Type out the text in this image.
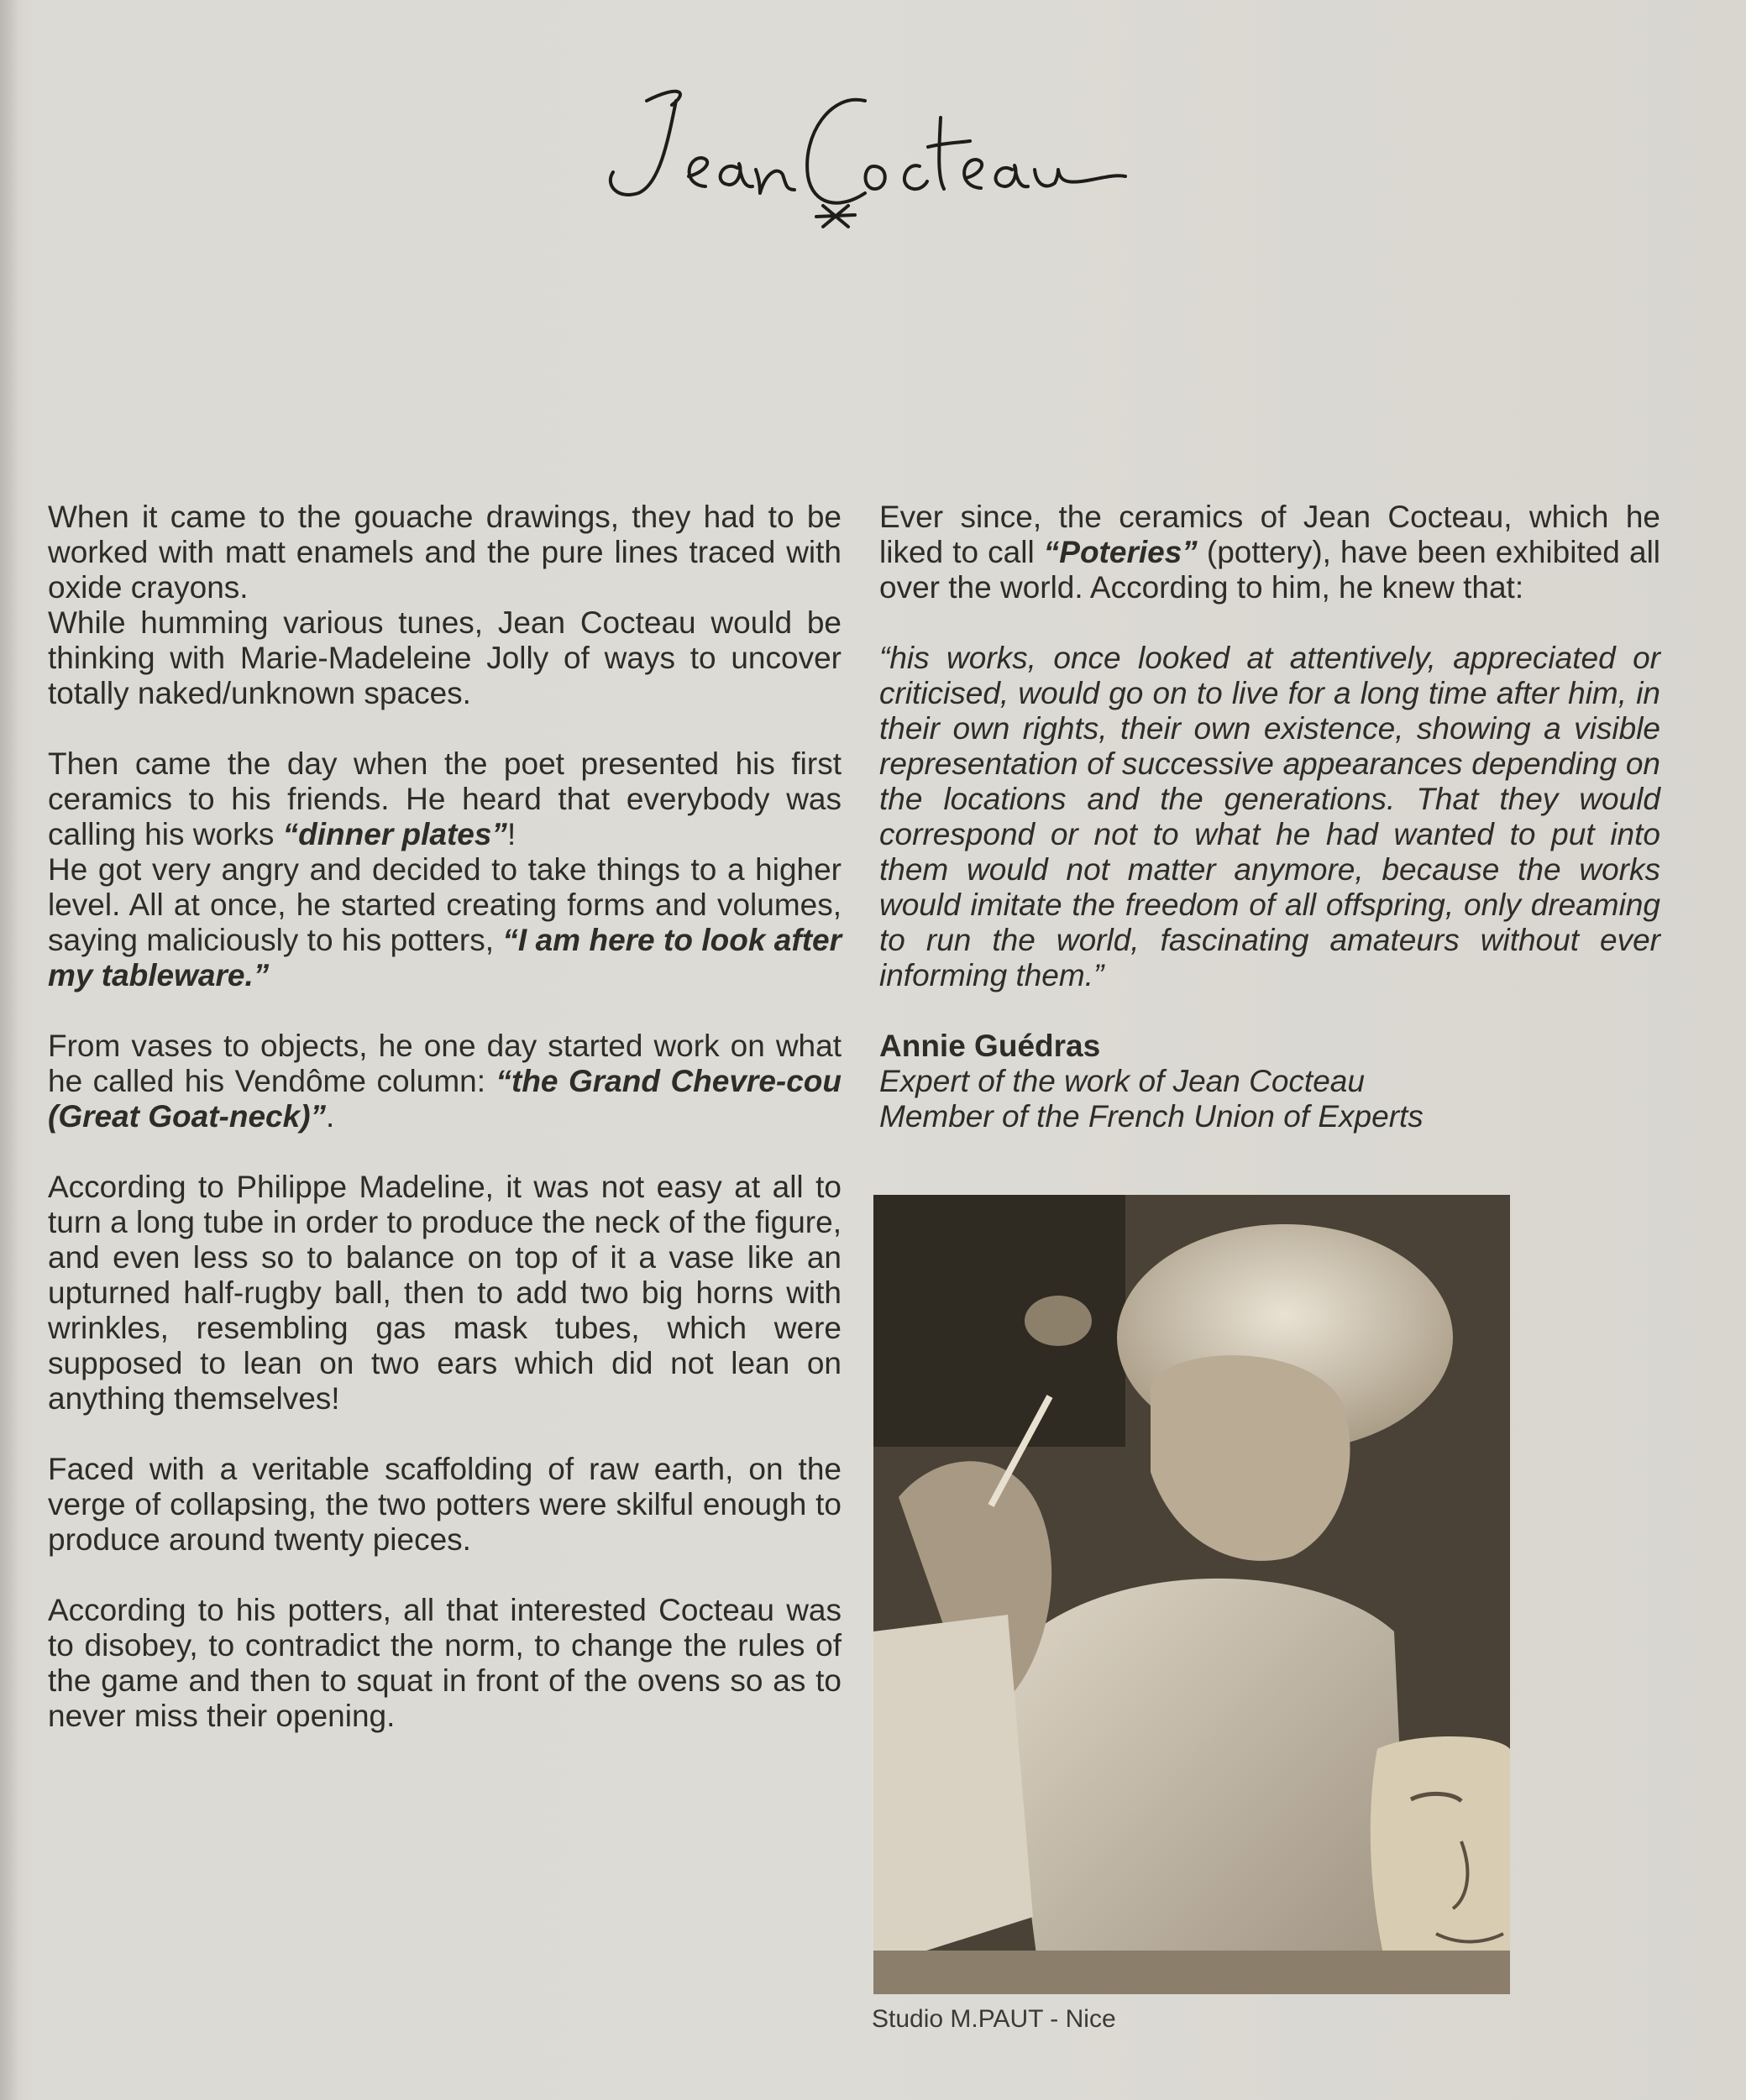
When it came to the gouache drawings, they had to be worked with matt enamels and the pure lines traced with oxide crayons.
While humming various tunes, Jean Cocteau would be thinking with Marie-Madeleine Jolly of ways to uncover totally naked/unknown spaces.

Then came the day when the poet presented his first ceramics to his friends. He heard that everybody was calling his works “dinner plates”!
He got very angry and decided to take things to a higher level. All at once, he started creating forms and volumes, saying maliciously to his potters, “I am here to look after my tableware.”

From vases to objects, he one day started work on what he called his Vendôme column: “the Grand Chevre-cou (Great Goat-neck)”.

According to Philippe Madeline, it was not easy at all to turn a long tube in order to produce the neck of the figure, and even less so to balance on top of it a vase like an upturned half-rugby ball, then to add two big horns with wrinkles, resembling gas mask tubes, which were supposed to lean on two ears which did not lean on anything themselves!

Faced with a veritable scaffolding of raw earth, on the verge of collapsing, the two potters were skilful enough to produce around twenty pieces.

According to his potters, all that interested Cocteau was to disobey, to contradict the norm, to change the rules of the game and then to squat in front of the ovens so as to never miss their opening.

Ever since, the ceramics of Jean Cocteau, which he liked to call “Poteries” (pottery), have been exhibited all over the world. According to him, he knew that:

“his works, once looked at attentively, appreciated or criticised, would go on to live for a long time after him, in their own rights, their own existence, showing a visible representation of successive appearances depending on the locations and the generations. That they would correspond or not to what he had wanted to put into them would not matter anymore, because the works would imitate the freedom of all offspring, only dreaming to run the world, fascinating amateurs without ever informing them.”

Annie Guédras
Expert of the work of Jean Cocteau
Member of the French Union of Experts

Studio M.PAUT - Nice
